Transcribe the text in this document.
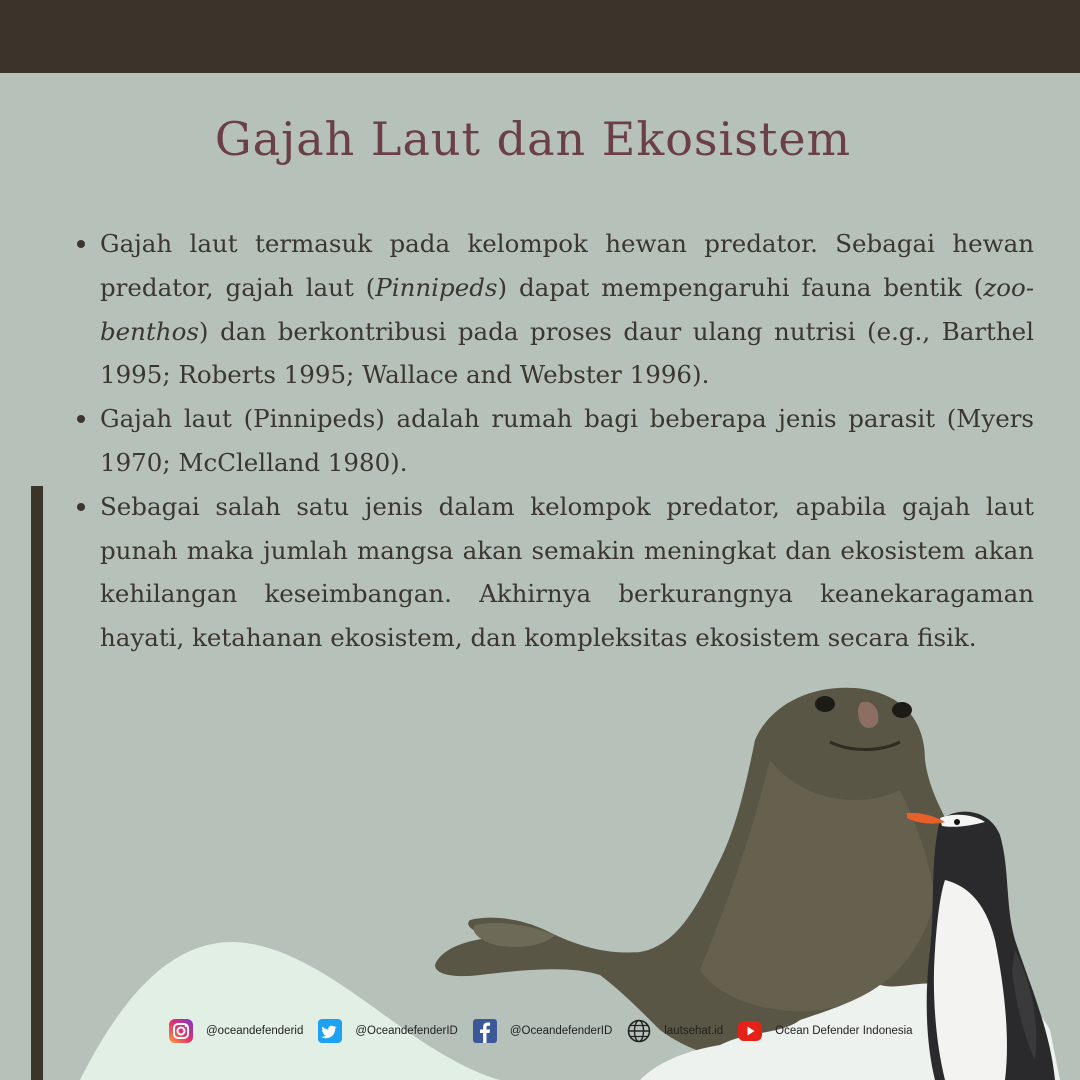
Gajah Laut dan Ekosistem
Gajah laut termasuk pada kelompok hewan predator. Sebagai hewan predator, gajah laut (Pinnipeds) dapat mempengaruhi fauna bentik (zoo-benthos) dan berkontribusi pada proses daur ulang nutrisi (e.g., Barthel 1995; Roberts 1995; Wallace and Webster 1996).
Gajah laut (Pinnipeds) adalah rumah bagi beberapa jenis parasit (Myers 1970; McClelland 1980).
Sebagai salah satu jenis dalam kelompok predator, apabila gajah laut punah maka jumlah mangsa akan semakin meningkat dan ekosistem akan kehilangan keseimbangan. Akhirnya berkurangnya keanekaragaman hayati, ketahanan ekosistem, dan kompleksitas ekosistem secara fisik.
@oceandefenderid	@OceandefenderID	@OceandefenderID	lautsehat.id	Ocean Defender Indonesia
